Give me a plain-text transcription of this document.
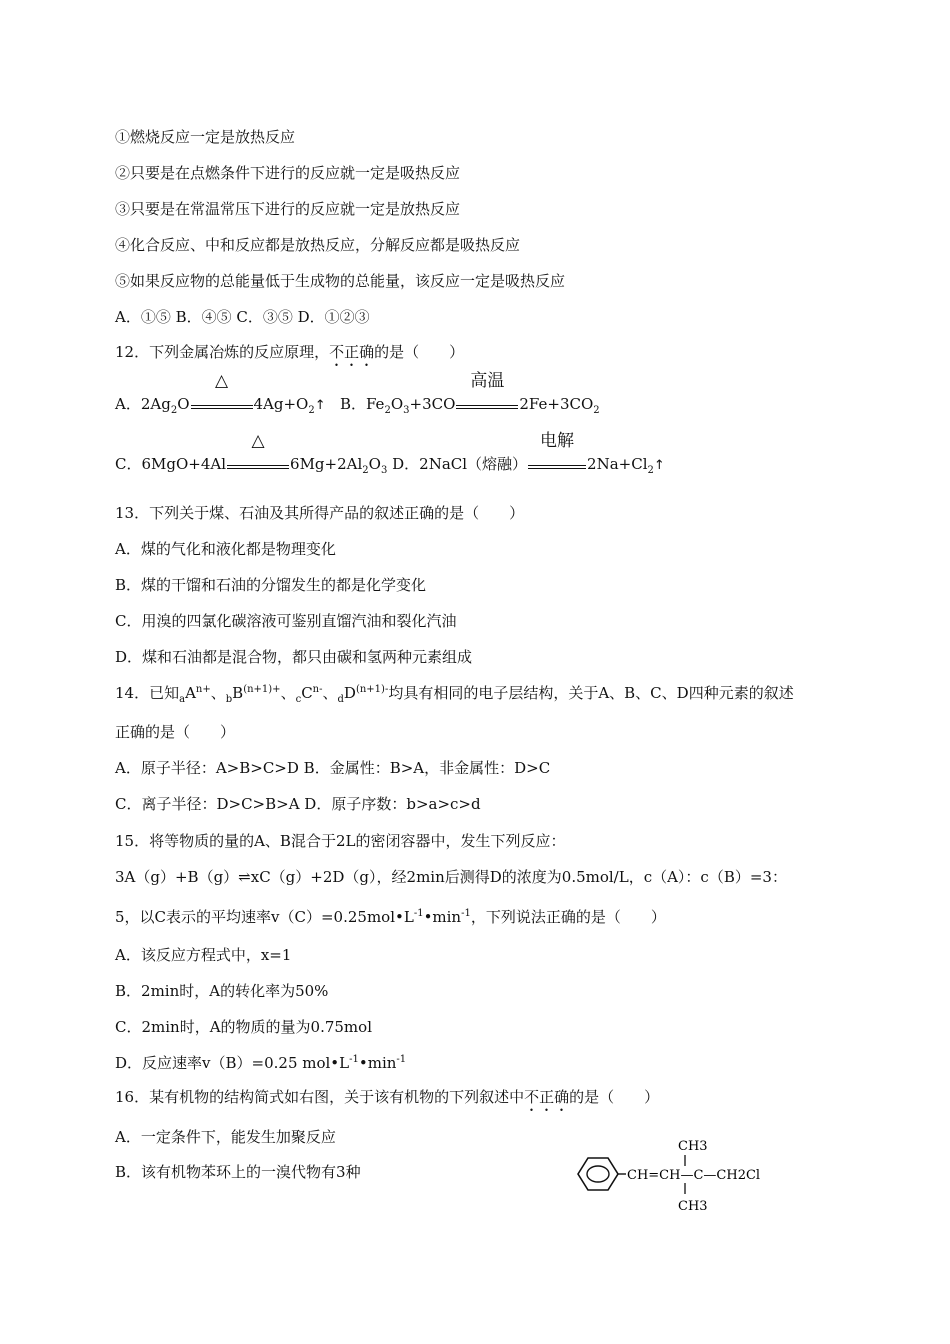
①燃烧反应一定是放热反应
②只要是在点燃条件下进行的反应就一定是吸热反应
③只要是在常温常压下进行的反应就一定是放热反应
④化合反应、中和反应都是放热反应，分解反应都是吸热反应
⑤如果反应物的总能量低于生成物的总能量，该反应一定是吸热反应
A．①⑤ B．④⑤ C．③⑤ D．①②③
12．下列金属冶炼的反应原理，不正确的是（　　）
A．$2Ag_2O$
△
$4Ag+O_2↑$ B．$Fe_2O_3+3CO$
高温
$2Fe+3CO_2$
C．6MgO+4Al
△
$6Mg+2Al_2O_3$ D．2NaCl（熔融）
电解
$2Na+Cl_2↑$
13．下列关于煤、石油及其所得产品的叙述正确的是（　　）
A．煤的气化和液化都是物理变化
B．煤的干馏和石油的分馏发生的都是化学变化
C．用溴的四氯化碳溶液可鉴别直馏汽油和裂化汽油
D．煤和石油都是混合物，都只由碳和氢两种元素组成
14．已知$_aA^{n+}$、$_bB^{(n+1)+}$、$_cC^{n-}$、$_dD^{(n+1)-}$均具有相同的电子层结构，关于A、B、C、D四种元素的叙述
正确的是（　　）
A．原子半径：A>B>C>D B．金属性：B>A，非金属性：D>C
C．离子半径：D>C>B>A D．原子序数：b>a>c>d
15．将等物质的量的A、B混合于2L的密闭容器中，发生下列反应：
3A（g）+B（g）⇌xC（g）+2D（g），经2min后测得D的浓度为0.5mol/L，c（A）：c（B）=3：
5，以C表示的平均速率$v(C)=0.25mol•L^{-1}•\min^{-1}$，下列说法正确的是（　　）
A．该反应方程式中，x=1
B．2min时，A的转化率为50%
C．2min时，A的物质的量为0.75mol
D．反应速率v（B）=0.25 $mol•L^{-1}•\min^{-1}$
16．某有机物的结构简式如右图，关于该有机物的下列叙述中不正确的是（　　）
A．一定条件下，能发生加聚反应
B．该有机物苯环上的一溴代物有3种
CH3
CH=CH—C—CH2Cl
CH3
